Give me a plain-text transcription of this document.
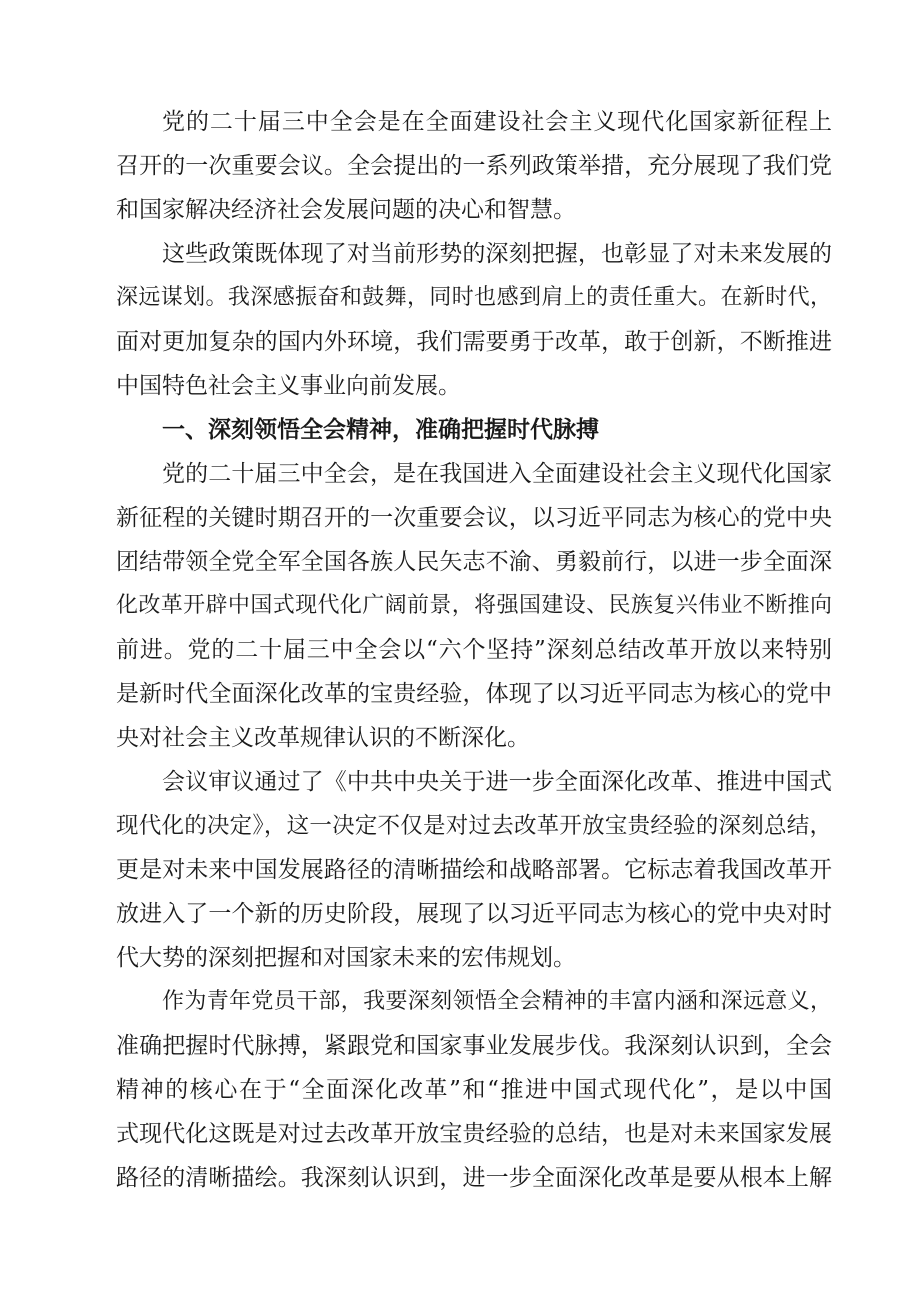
党的二十届三中全会是在全面建设社会主义现代化国家新征程上
召开的一次重要会议。全会提出的一系列政策举措，充分展现了我们党
和国家解决经济社会发展问题的决心和智慧。
这些政策既体现了对当前形势的深刻把握，也彰显了对未来发展的
深远谋划。我深感振奋和鼓舞，同时也感到肩上的责任重大。在新时代，
面对更加复杂的国内外环境，我们需要勇于改革，敢于创新，不断推进
中国特色社会主义事业向前发展。
一、深刻领悟全会精神，准确把握时代脉搏
党的二十届三中全会，是在我国进入全面建设社会主义现代化国家
新征程的关键时期召开的一次重要会议，以习近平同志为核心的党中央
团结带领全党全军全国各族人民矢志不渝、勇毅前行，以进一步全面深
化改革开辟中国式现代化广阔前景，将强国建设、民族复兴伟业不断推向
前进。党的二十届三中全会以“六个坚持”深刻总结改革开放以来特别
是新时代全面深化改革的宝贵经验，体现了以习近平同志为核心的党中
央对社会主义改革规律认识的不断深化。
会议审议通过了《中共中央关于进一步全面深化改革、推进中国式
现代化的决定》，这一决定不仅是对过去改革开放宝贵经验的深刻总结，
更是对未来中国发展路径的清晰描绘和战略部署。它标志着我国改革开
放进入了一个新的历史阶段，展现了以习近平同志为核心的党中央对时
代大势的深刻把握和对国家未来的宏伟规划。
作为青年党员干部，我要深刻领悟全会精神的丰富内涵和深远意义，
准确把握时代脉搏，紧跟党和国家事业发展步伐。我深刻认识到，全会
精神的核心在于“全面深化改革”和“推进中国式现代化”，是以中国
式现代化这既是对过去改革开放宝贵经验的总结，也是对未来国家发展
路径的清晰描绘。我深刻认识到，进一步全面深化改革是要从根本上解
